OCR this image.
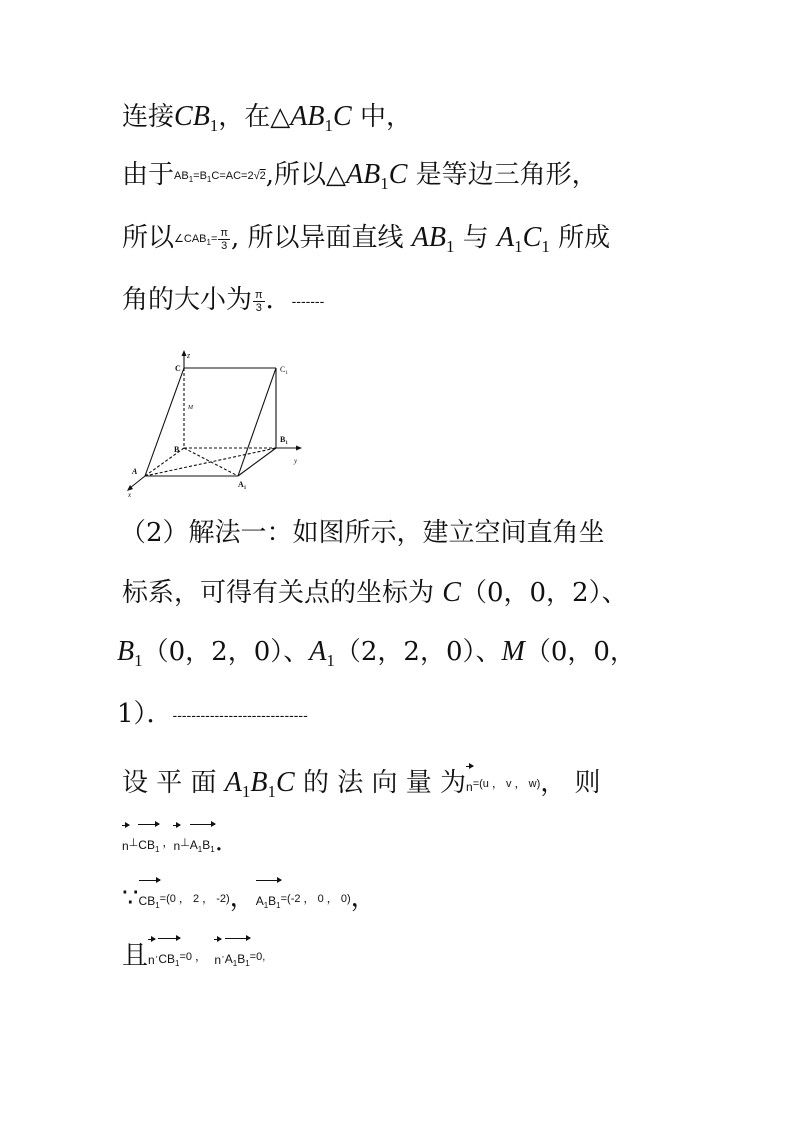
连接$CB_1$，在$\triangle AB_1C$ 中，
由于$AB_1=B_1C=AC=2√2$,所以$\triangle AB_1C$ 是等边三角形，
所以$\angle CAB_1= \frac{\pi}{3}$ , 所以异面直线 $AB_1$ 与 $A_1C_1$ 所成
角的大小为 $\frac{\pi}{3}$ ．-------
z
C	$C_1$
M
B
$B_1$
A
$A_1$
x
y
（2）解法一：如图所示，建立空间直角坐
标系，可得有关点的坐标为 C（0，0，2）、
$B_1(0$，2，0）、$A_1(2$，2，0）、M（0，0，
1）．-----------------------------
设 平 面 $A_1B_1C$ 的 法 向 量 为
n=(u ， v ， w)， 则
n⊥
$CB_1$ ，
n⊥
$A_1B_1$.
∵
$CB_1=(0$ ， 2 ， -2)，
$A_1B_1=(-2$ ， 0 ， 0)，
且
n·
$CB_1=0$ ， n·
$A_1B_1=0$,
